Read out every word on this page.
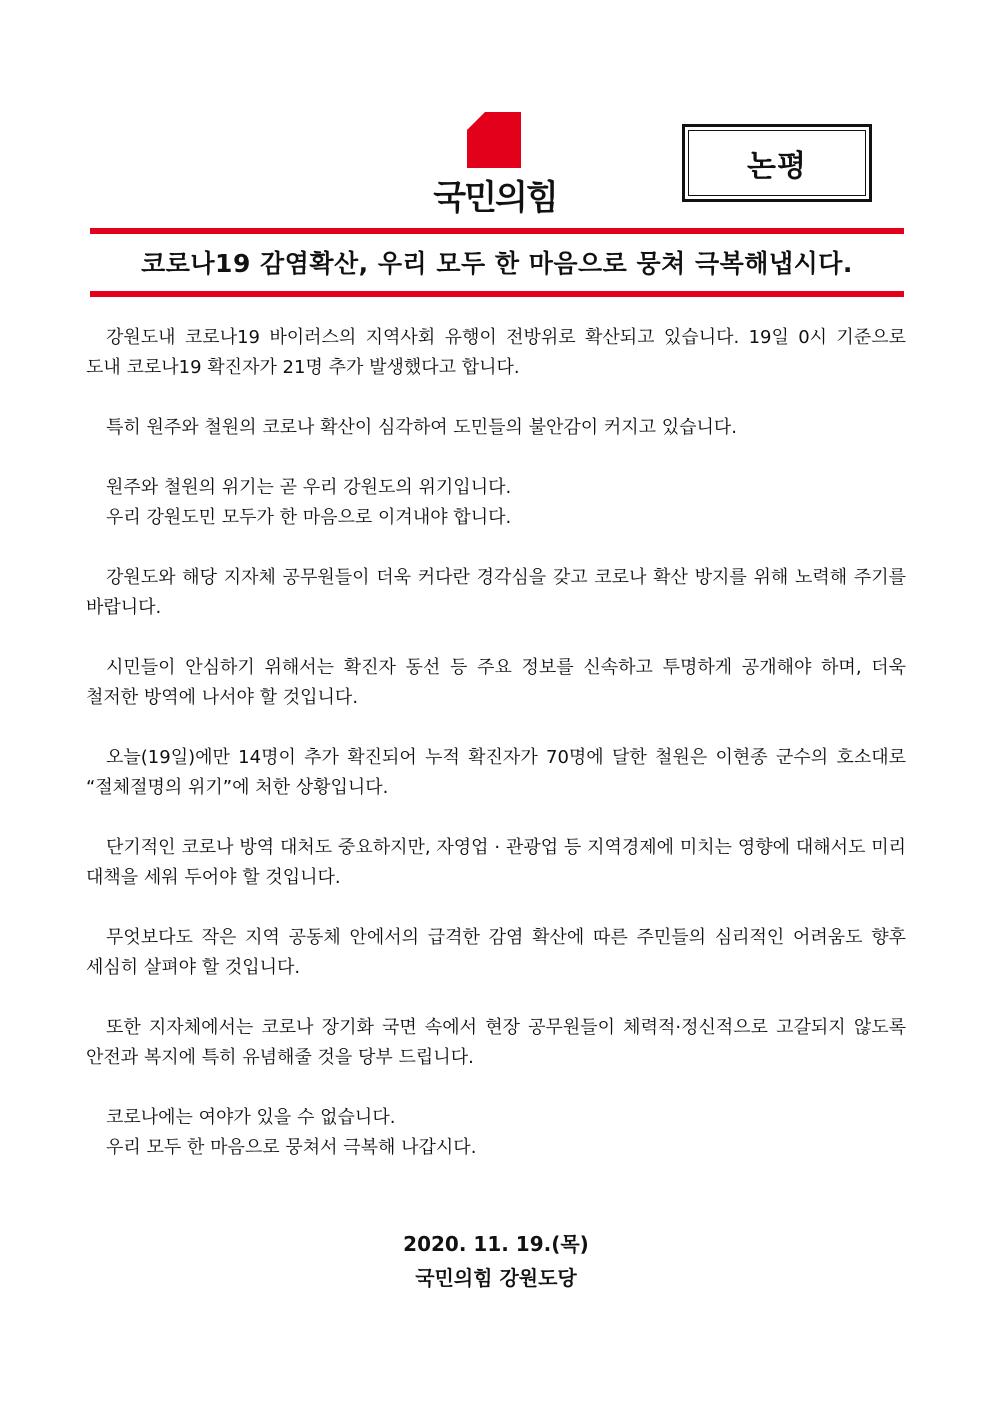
국민의힘
논평
코로나19 감염확산, 우리 모두 한 마음으로 뭉쳐 극복해냅시다.

강원도내 코로나19 바이러스의 지역사회 유행이 전방위로 확산되고 있습니다. 19일 0시 기준으로 도내 코로나19 확진자가 21명 추가 발생했다고 합니다.

특히 원주와 철원의 코로나 확산이 심각하여 도민들의 불안감이 커지고 있습니다.

원주와 철원의 위기는 곧 우리 강원도의 위기입니다.

우리 강원도민 모두가 한 마음으로 이겨내야 합니다.

강원도와 해당 지자체 공무원들이 더욱 커다란 경각심을 갖고 코로나 확산 방지를 위해 노력해 주기를 바랍니다.

시민들이 안심하기 위해서는 확진자 동선 등 주요 정보를 신속하고 투명하게 공개해야 하며, 더욱 철저한 방역에 나서야 할 것입니다.

오늘(19일)에만 14명이 추가 확진되어 누적 확진자가 70명에 달한 철원은 이현종 군수의 호소대로 “절체절명의 위기”에 처한 상황입니다.

단기적인 코로나 방역 대처도 중요하지만, 자영업 · 관광업 등 지역경제에 미치는 영향에 대해서도 미리 대책을 세워 두어야 할 것입니다.

무엇보다도 작은 지역 공동체 안에서의 급격한 감염 확산에 따른 주민들의 심리적인 어려움도 향후 세심히 살펴야 할 것입니다.

또한 지자체에서는 코로나 장기화 국면 속에서 현장 공무원들이 체력적·정신적으로 고갈되지 않도록 안전과 복지에 특히 유념해줄 것을 당부 드립니다.

코로나에는 여야가 있을 수 없습니다.

우리 모두 한 마음으로 뭉쳐서 극복해 나갑시다.

2020. 11. 19.(목)
국민의힘 강원도당
